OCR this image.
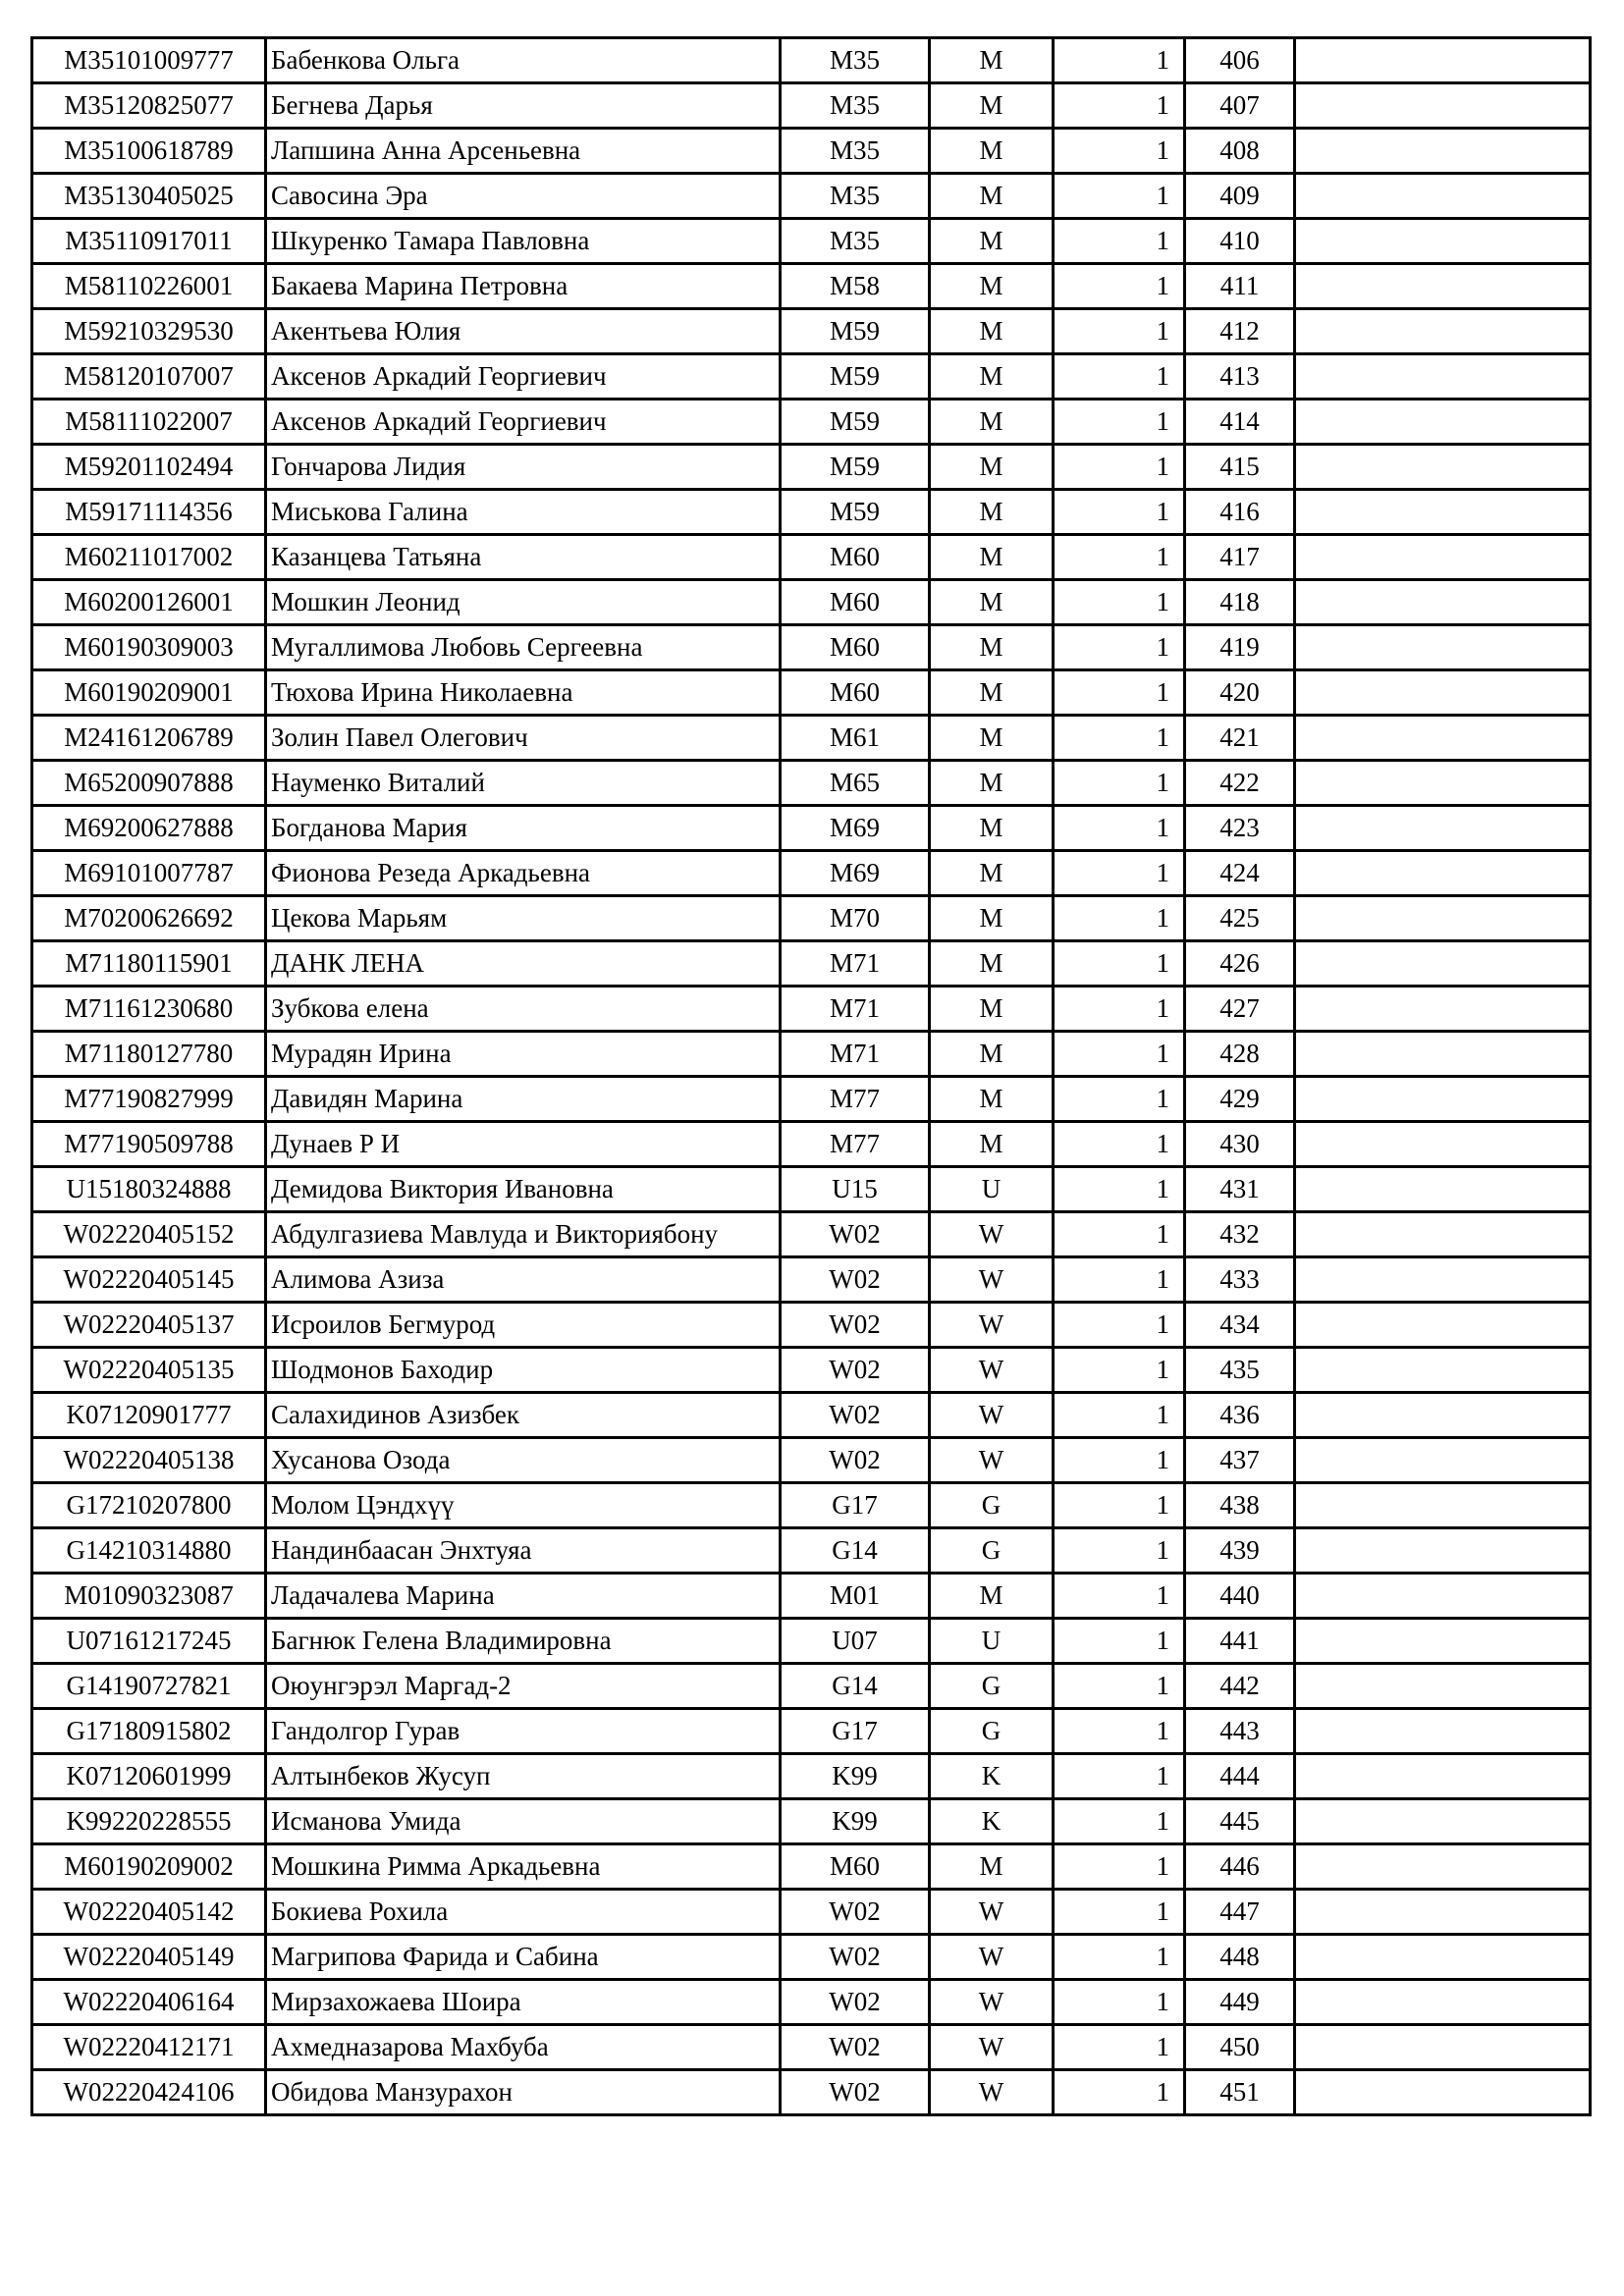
M35101009777	Бабенкова Ольга	M35	M	1	406	
M35120825077	Бегнева Дарья	M35	M	1	407	
M35100618789	Лапшина Анна Арсеньевна	M35	M	1	408	
M35130405025	Савосина Эра	M35	M	1	409	
M35110917011	Шкуренко Тамара Павловна	M35	M	1	410	
M58110226001	Бакаева Марина Петровна	M58	M	1	411	
M59210329530	Акентьева Юлия	M59	M	1	412	
M58120107007	Аксенов Аркадий Георгиевич	M59	M	1	413	
M58111022007	Аксенов Аркадий Георгиевич	M59	M	1	414	
M59201102494	Гончарова Лидия	M59	M	1	415	
M59171114356	Миськова Галина	M59	M	1	416	
M60211017002	Казанцева Татьяна	M60	M	1	417	
M60200126001	Мошкин Леонид	M60	M	1	418	
M60190309003	Мугаллимова Любовь Сергеевна	M60	M	1	419	
M60190209001	Тюхова Ирина Николаевна	M60	M	1	420	
M24161206789	Золин Павел Олегович	M61	M	1	421	
M65200907888	Науменко Виталий	M65	M	1	422	
M69200627888	Богданова Мария	M69	M	1	423	
M69101007787	Фионова Резеда Аркадьевна	M69	M	1	424	
M70200626692	Цекова Марьям	M70	M	1	425	
M71180115901	ДАНК ЛЕНА	M71	M	1	426	
M71161230680	Зубкова елена	M71	M	1	427	
M71180127780	Мурадян Ирина	M71	M	1	428	
M77190827999	Давидян Марина	M77	M	1	429	
M77190509788	Дунаев Р И	M77	M	1	430	
U15180324888	Демидова Виктория Ивановна	U15	U	1	431	
W02220405152	Абдулгазиева Мавлуда и Викториябону	W02	W	1	432	
W02220405145	Алимова Азиза	W02	W	1	433	
W02220405137	Исроилов Бегмурод	W02	W	1	434	
W02220405135	Шодмонов Баходир	W02	W	1	435	
K07120901777	Салахидинов Азизбек	W02	W	1	436	
W02220405138	Хусанова Озода	W02	W	1	437	
G17210207800	Молом Цэндхүү	G17	G	1	438	
G14210314880	Нандинбаасан Энхтуяа	G14	G	1	439	
M01090323087	Ладачалева Марина	M01	M	1	440	
U07161217245	Багнюк Гелена Владимировна	U07	U	1	441	
G14190727821	Оюунгэрэл Маргад-2	G14	G	1	442	
G17180915802	Гандолгор Гурав	G17	G	1	443	
K07120601999	Алтынбеков Жусуп	K99	K	1	444	
K99220228555	Исманова Умида	K99	K	1	445	
M60190209002	Мошкина Римма Аркадьевна	M60	M	1	446	
W02220405142	Бокиева Рохила	W02	W	1	447	
W02220405149	Магрипова Фарида и Сабина	W02	W	1	448	
W02220406164	Мирзахожаева Шоира	W02	W	1	449	
W02220412171	Ахмедназарова Махбуба	W02	W	1	450	
W02220424106	Обидова Манзурахон	W02	W	1	451	
